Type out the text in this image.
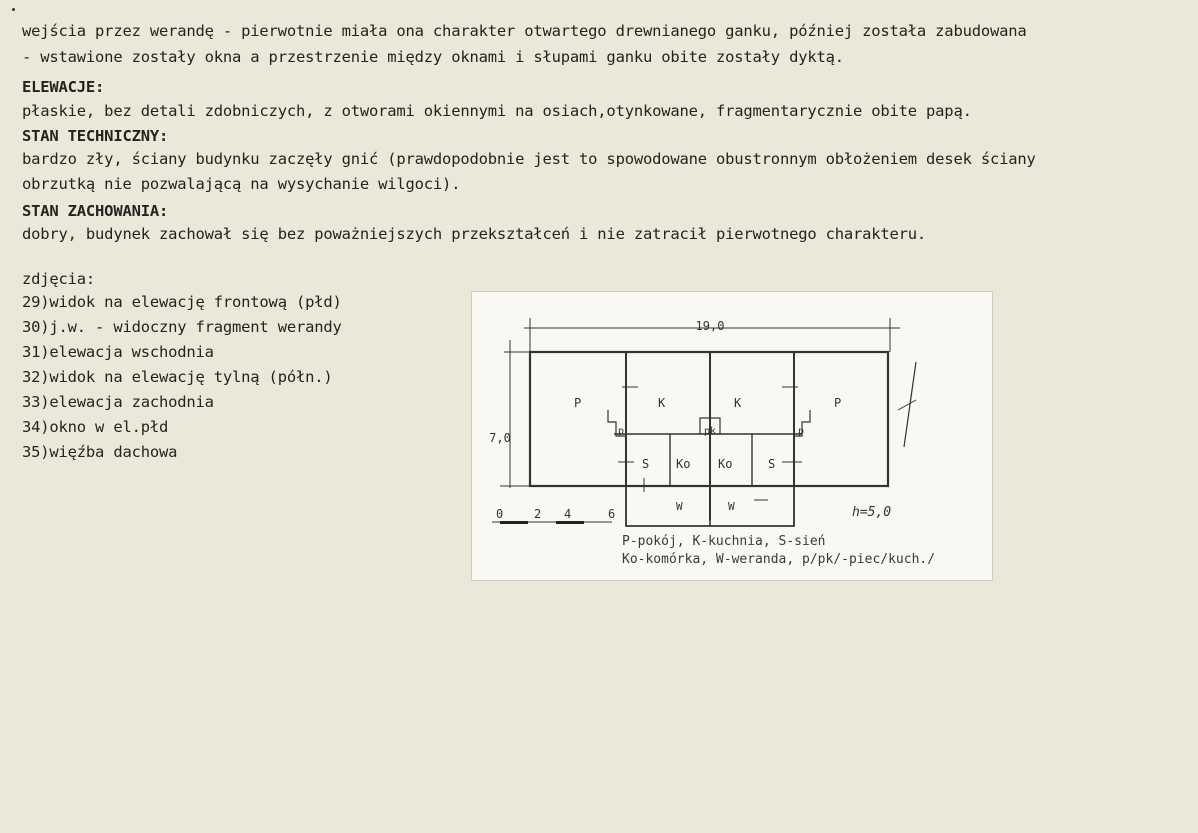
wejścia przez werandę - pierwotnie miała ona charakter otwartego drewnianego ganku, później została zabudowana
- wstawione zostały okna a przestrzenie między oknami i słupami ganku obite zostały dyktą.
ELEWACJE:
płaskie, bez detali zdobniczych, z otworami okiennymi na osiach,otynkowane, fragmentarycznie obite papą.
STAN TECHNICZNY:
bardzo zły, ściany budynku zaczęły gnić (prawdopodobnie jest to spowodowane obustronnym obłożeniem desek ściany
obrzutką nie pozwalającą na wysychanie wilgoci).
STAN ZACHOWANIA:
dobry, budynek zachował się bez poważniejszych przekształceń i nie zatracił pierwotnego charakteru.
zdjęcia:
29)widok na elewację frontową (płd)
30)j.w. - widoczny fragment werandy
31)elewacja wschodnia
32)widok na elewację tylną (półn.)
33)elewacja zachodnia
34)okno w el.płd
35)więźba dachowa
19,0
7,0
h=5,0
0	2 4	6
P	K	K	P
p	p
pk
S Ko Ko	S
W	W
P-pokój, K-kuchnia, S-sień
Ko-komórka, W-weranda, p/pk/-piec/kuch./
